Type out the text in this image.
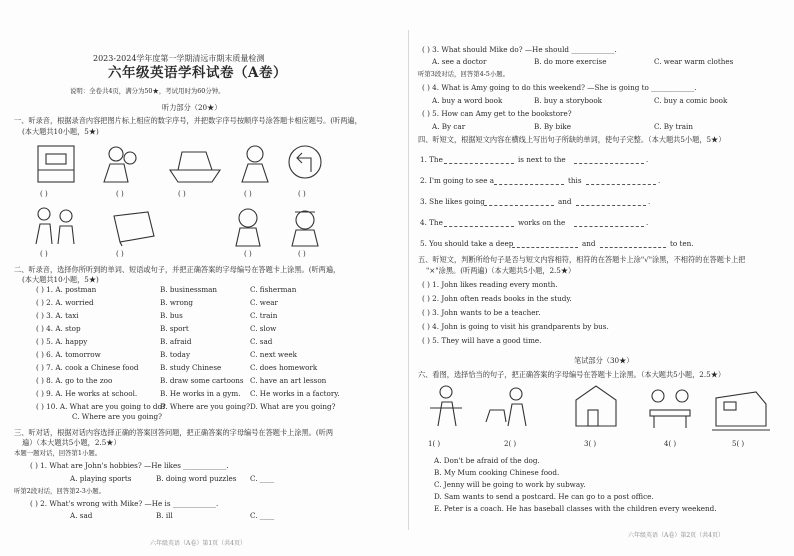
2023-2024学年度第一学期清远市期末质量检测
六年级英语学科试卷（A卷）
说明：全卷共4页，满分为50★，考试用时为60分钟。
听力部分（20★）
一、听录音，根据录音内容把图片标上相应的数字序号，并把数字序号按顺序号涂答题卡相应题号。(听两遍，
(本大题共10小题，5★)
( )	( )	( )	( )	( )
( )	( )	( )	( )
二、听录音，选择你所听到的单词、短语或句子，并把正确答案的字母编号在答题卡上涂黑。(听两遍，
(本大题共10小题，5★)
( ) 1. A. postman	B. businessman	C. fisherman
( ) 2. A. worried	B. wrong	C. wear
( ) 3. A. taxi	B. bus	C. train
( ) 4. A. stop	B. sport	C. slow
( ) 5. A. happy	B. afraid	C. sad
( ) 6. A. tomorrow	B. today	C. next week
( ) 7. A. cook a Chinese food	B. study Chinese	C. does homework
( ) 8. A. go to the zoo	B. draw some cartoons C. have an art lesson
( ) 9. A. He works at school.	B. He works in a gym. C. He works in a factory.
( ) 10. A. What are you going to do?
B. Where are you going? D. What are you going?
C. Where are you going?
三、听对话，根据对话内容选择正确的答案回答问题，把正确答案的字母编号在答题卡上涂黑。(听两
遍）（本大题共5小题，2.5★）
本题一题对话，回答第1小题。
( ) 1. What are John's hobbies? —He likes ____________.
A. playing sports	B. doing word puzzles C. ____
听第2段对话，回答第2-3小题。
( ) 2. What's wrong with Mike? —He is ____________.
A. sad	B. ill	C. ____
六年级英语（A卷）第1页（共4页）
( ) 3. What should Mike do? —He should ____________.
A. see a doctor	B. do more exercise	C. wear warm clothes
听第3段对话，回答第4-5小题。
( ) 4. What is Amy going to do this weekend? —She is going to ____________.
A. buy a word book	B. buy a storybook	C. buy a comic book
( ) 5. How can Amy get to the bookstore?
A. By car	B. By bike	C. By train
四、听短文，根据短文内容在横线上写出句子所缺的单词，使句子完整。（本大题共5小题，5★）
1. The	is next to the	.
2. I'm going to see a	this	.
3. She likes going	and	.
4. The	works on the	.
5. You should take a deep	and	to ten.
五、听短文，判断所给句子是否与短文内容相符，相符的在答题卡上涂"√"涂黑，不相符的在答题卡上把
"×"涂黑。(听两遍)（本大题共5小题，2.5★）
( ) 1. John likes reading every month.
( ) 2. John often reads books in the study.
( ) 3. John wants to be a teacher.
( ) 4. John is going to visit his grandparents by bus.
( ) 5. They will have a good time.
笔试部分（30★）
六、看图，选择恰当的句子，把正确答案的字母编号在答题卡上涂黑。（本大题共5小题，2.5★）
1( )	2( )	3( )	4( )	5( )
A. Don't be afraid of the dog.
B. My Mum cooking Chinese food.
C. Jenny will be going to work by subway.
D. Sam wants to send a postcard. He can go to a post office.
E. Peter is a coach. He has baseball classes with the children every weekend.
六年级英语（A卷）第2页（共4页）
